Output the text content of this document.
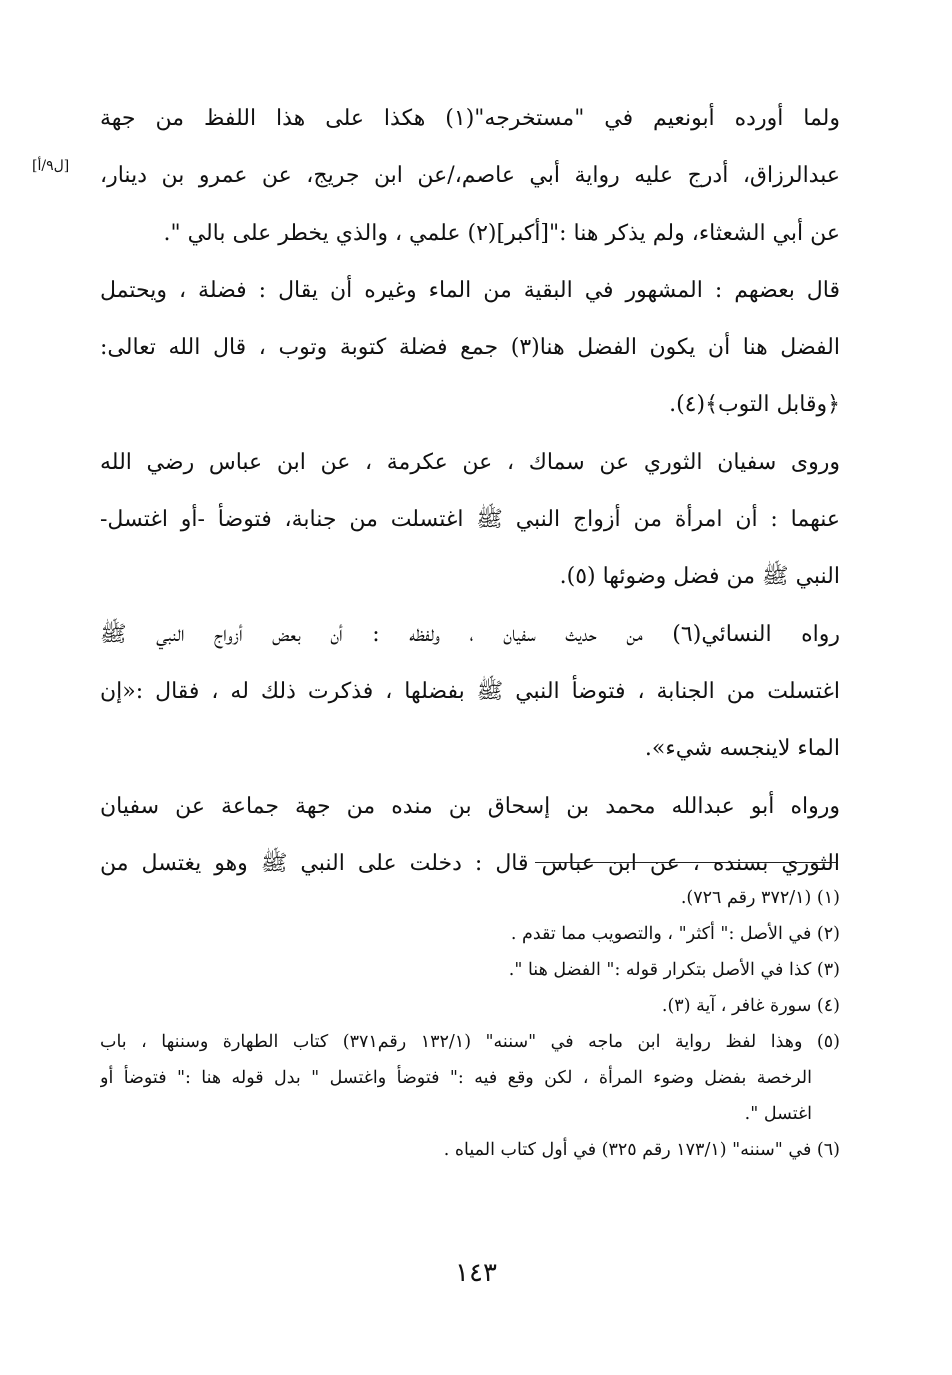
ولما أورده أبونعيم في "مستخرجه"(١) هكذا على هذا اللفظ من جهة
عبدالرزاق، أدرج عليه رواية أبي عاصم،/عن ابن جريج، عن عمرو بن دينار،
عن أبي الشعثاء، ولم يذكر هنا :"[أكبر](٢) علمي ، والذي يخطر على بالي ".
قال بعضهم : المشهور في البقية من الماء وغيره أن يقال : فضلة ، ويحتمل
الفضل هنا أن يكون الفضل هنا(٣) جمع فضلة كتوبة وتوب ، قال الله تعالى:
﴿وقابل التوب﴾(٤).
وروى سفيان الثوري عن سماك ، عن عكرمة ، عن ابن عباس رضي الله
عنهما : أن امرأة من أزواج النبي ﷺ اغتسلت من جنابة، فتوضأ -أو اغتسل-
النبي ﷺ من فضل وضوئها (٥).
رواه النسائي(٦) من حديث سفيان ، ولفظه : أن بعض أزواج النبي ﷺ
اغتسلت من الجنابة ، فتوضأ النبي ﷺ بفضلها ، فذكرت ذلك له ، فقال :«إن
الماء لاينجسه شيء».
ورواه أبو عبدالله محمد بن إسحاق بن منده من جهة جماعة عن سفيان
الثوري بسنده ، عن ابن عباس قال : دخلت على النبي ﷺ وهو يغتسل من
[ل٩/أ]
(١) (٣٧٢/١ رقم ٧٢٦).
(٢) في الأصل :" أكثر" ، والتصويب مما تقدم .
(٣) كذا في الأصل بتكرار قوله :" الفضل هنا ".
(٤) سورة غافر ، آية (٣).
(٥) وهذا لفظ رواية ابن ماجه في "سننه" (١٣٢/١ رقم٣٧١) كتاب الطهارة وسننها ، باب
الرخصة بفضل وضوء المرأة ، لكن وقع فيه :" فتوضأ واغتسل " بدل قوله هنا :" فتوضأ أو
اغتسل ".
(٦) في "سننه" (١٧٣/١ رقم ٣٢٥) في أول كتاب المياه .
١٤٣
